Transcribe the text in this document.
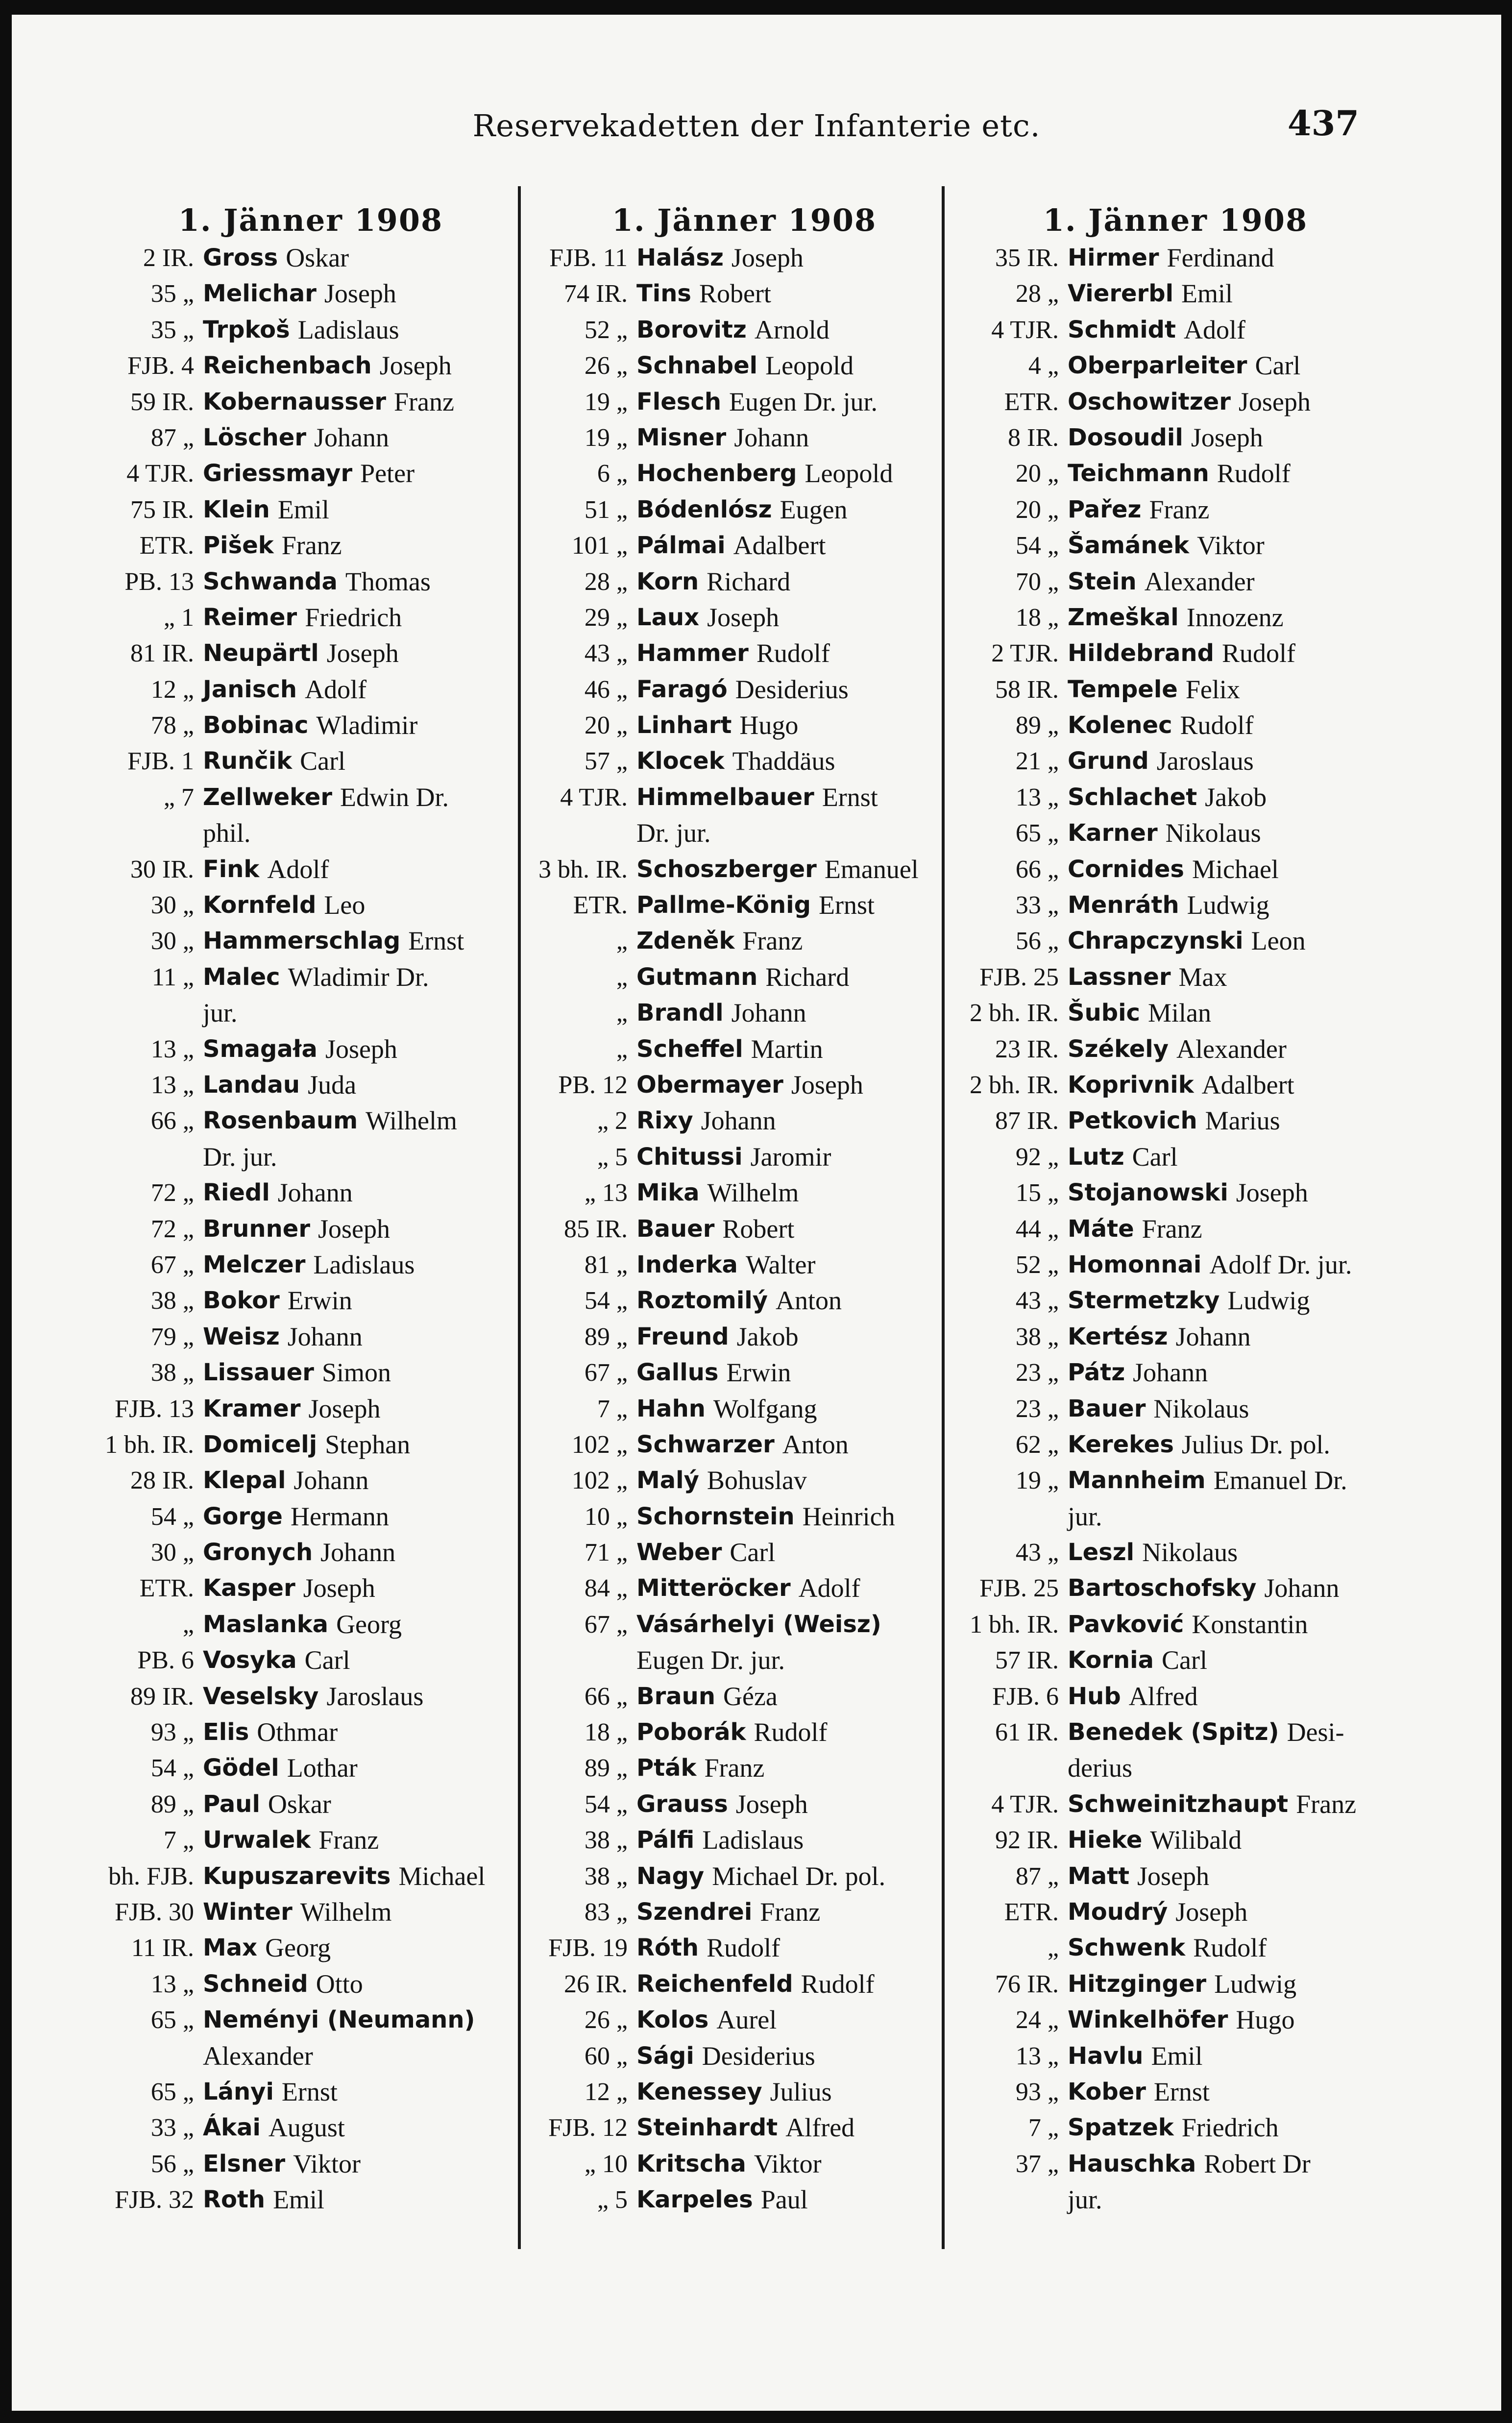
Reservekadetten der Infanterie etc.	437
1. Jänner 1908
2 IR. Gross Oskar
35 „ Melichar Joseph
35 „ Trpkoš Ladislaus
FJB. 4 Reichenbach Joseph
59 IR. Kobernausser Franz
87 „ Löscher Johann
4 TJR. Griessmayr Peter
75 IR. Klein Emil
ETR. Pišek Franz
PB. 13 Schwanda Thomas
„ 1 Reimer Friedrich
81 IR. Neupärtl Joseph
12 „ Janisch Adolf
78 „ Bobinac Wladimir
FJB. 1 Runčik Carl
„ 7 Zellweker Edwin Dr.
phil.
30 IR. Fink Adolf
30 „ Kornfeld Leo
30 „ Hammerschlag Ernst
11 „ Malec Wladimir Dr.
jur.
13 „ Smagała Joseph
13 „ Landau Juda
66 „ Rosenbaum Wilhelm
Dr. jur.
72 „ Riedl Johann
72 „ Brunner Joseph
67 „ Melczer Ladislaus
38 „ Bokor Erwin
79 „ Weisz Johann
38 „ Lissauer Simon
FJB. 13 Kramer Joseph
1 bh. IR. Domicelj Stephan
28 IR. Klepal Johann
54 „ Gorge Hermann
30 „ Gronych Johann
ETR. Kasper Joseph
„ Maslanka Georg
PB. 6 Vosyka Carl
89 IR. Veselsky Jaroslaus
93 „ Elis Othmar
54 „ Gödel Lothar
89 „ Paul Oskar
7 „ Urwalek Franz
bh. FJB. Kupuszarevits Michael
FJB. 30 Winter Wilhelm
11 IR. Max Georg
13 „ Schneid Otto
65 „ Neményi (Neumann)
Alexander
65 „ Lányi Ernst
33 „ Ákai August
56 „ Elsner Viktor
FJB. 32 Roth Emil
1. Jänner 1908
FJB. 11 Halász Joseph
74 IR. Tins Robert
52 „ Borovitz Arnold
26 „ Schnabel Leopold
19 „ Flesch Eugen Dr. jur.
19 „ Misner Johann
6 „ Hochenberg Leopold
51 „ Bódenlósz Eugen
101 „ Pálmai Adalbert
28 „ Korn Richard
29 „ Laux Joseph
43 „ Hammer Rudolf
46 „ Faragó Desiderius
20 „ Linhart Hugo
57 „ Klocek Thaddäus
4 TJR. Himmelbauer Ernst
Dr. jur.
3 bh. IR. Schoszberger Emanuel
ETR. Pallme-König Ernst
„ Zdeněk Franz
„ Gutmann Richard
„ Brandl Johann
„ Scheffel Martin
PB. 12 Obermayer Joseph
„ 2 Rixy Johann
„ 5 Chitussi Jaromir
„ 13 Mika Wilhelm
85 IR. Bauer Robert
81 „ Inderka Walter
54 „ Roztomilý Anton
89 „ Freund Jakob
67 „ Gallus Erwin
7 „ Hahn Wolfgang
102 „ Schwarzer Anton
102 „ Malý Bohuslav
10 „ Schornstein Heinrich
71 „ Weber Carl
84 „ Mitteröcker Adolf
67 „ Vásárhelyi (Weisz)
Eugen Dr. jur.
66 „ Braun Géza
18 „ Poborák Rudolf
89 „ Pták Franz
54 „ Grauss Joseph
38 „ Pálfi Ladislaus
38 „ Nagy Michael Dr. pol.
83 „ Szendrei Franz
FJB. 19 Róth Rudolf
26 IR. Reichenfeld Rudolf
26 „ Kolos Aurel
60 „ Sági Desiderius
12 „ Kenessey Julius
FJB. 12 Steinhardt Alfred
„ 10 Kritscha Viktor
„ 5 Karpeles Paul
1. Jänner 1908
35 IR. Hirmer Ferdinand
28 „ Viererbl Emil
4 TJR. Schmidt Adolf
4 „ Oberparleiter Carl
ETR. Oschowitzer Joseph
8 IR. Dosoudil Joseph
20 „ Teichmann Rudolf
20 „ Pařez Franz
54 „ Šamánek Viktor
70 „ Stein Alexander
18 „ Zmeškal Innozenz
2 TJR. Hildebrand Rudolf
58 IR. Tempele Felix
89 „ Kolenec Rudolf
21 „ Grund Jaroslaus
13 „ Schlachet Jakob
65 „ Karner Nikolaus
66 „ Cornides Michael
33 „ Menráth Ludwig
56 „ Chrapczynski Leon
FJB. 25 Lassner Max
2 bh. IR. Šubic Milan
23 IR. Székely Alexander
2 bh. IR. Koprivnik Adalbert
87 IR. Petkovich Marius
92 „ Lutz Carl
15 „ Stojanowski Joseph
44 „ Máte Franz
52 „ Homonnai Adolf Dr. jur.
43 „ Stermetzky Ludwig
38 „ Kertész Johann
23 „ Pátz Johann
23 „ Bauer Nikolaus
62 „ Kerekes Julius Dr. pol.
19 „ Mannheim Emanuel Dr.
jur.
43 „ Leszl Nikolaus
FJB. 25 Bartoschofsky Johann
1 bh. IR. Pavković Konstantin
57 IR. Kornia Carl
FJB. 6 Hub Alfred
61 IR. Benedek (Spitz) Desi-
derius
4 TJR. Schweinitzhaupt Franz
92 IR. Hieke Wilibald
87 „ Matt Joseph
ETR. Moudrý Joseph
„ Schwenk Rudolf
76 IR. Hitzginger Ludwig
24 „ Winkelhöfer Hugo
13 „ Havlu Emil
93 „ Kober Ernst
7 „ Spatzek Friedrich
37 „ Hauschka Robert Dr
jur.
